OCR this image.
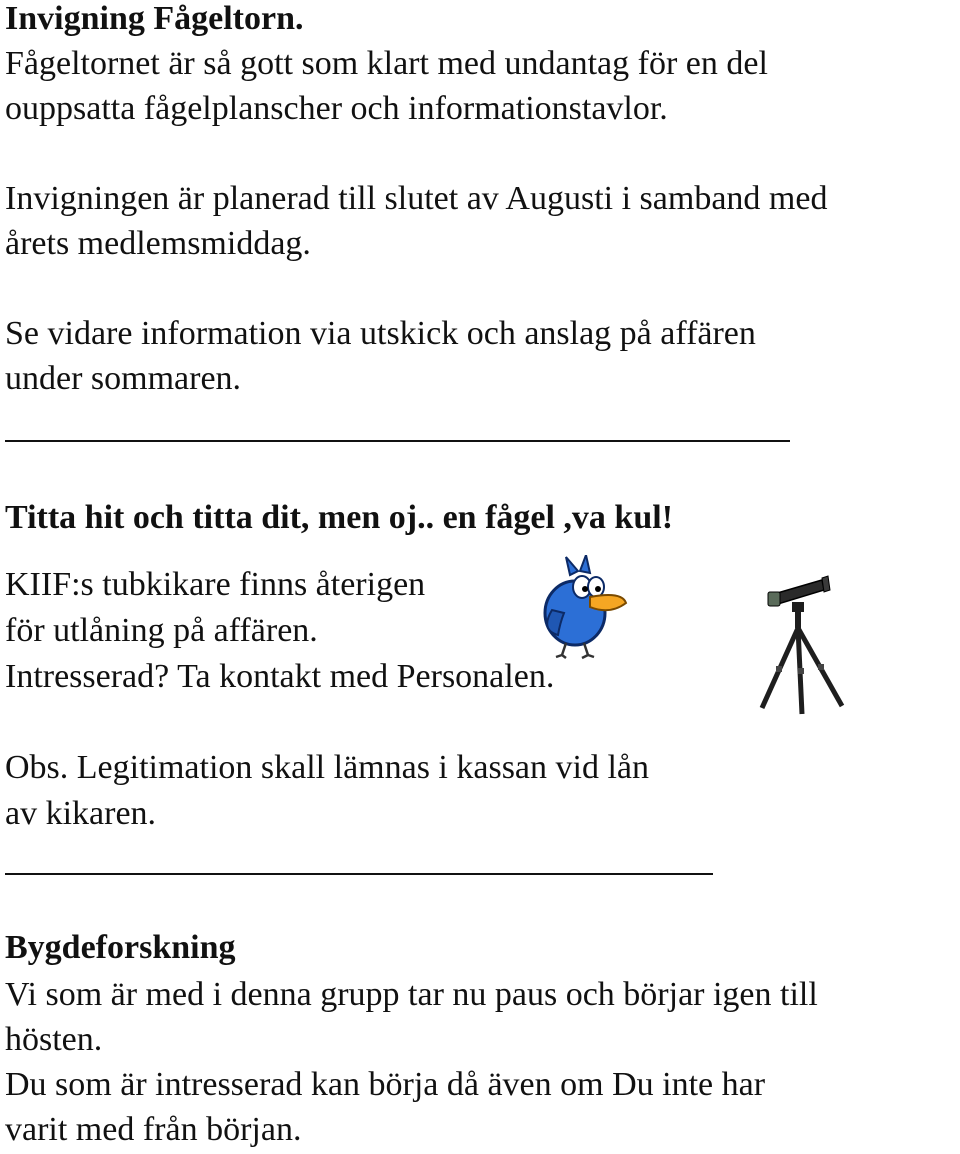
Invigning Fågeltorn.

Fågeltornet är så gott som klart med undantag för en del

ouppsatta fågelplanscher och informationstavlor.

Invigningen är planerad till slutet av Augusti i samband med

årets medlemsmiddag.

Se vidare information via utskick och anslag på affären

under sommaren.

Titta hit och titta dit, men oj.. en fågel ,va kul!

KIIF:s tubkikare finns återigen

för utlåning på affären.

Intresserad? Ta kontakt med Personalen.

Obs. Legitimation skall lämnas i kassan vid lån

av kikaren.

Bygdeforskning

Vi som är med i denna grupp tar nu paus och börjar igen till

hösten.

Du som är intresserad kan börja då även om Du inte har

varit med från början.
